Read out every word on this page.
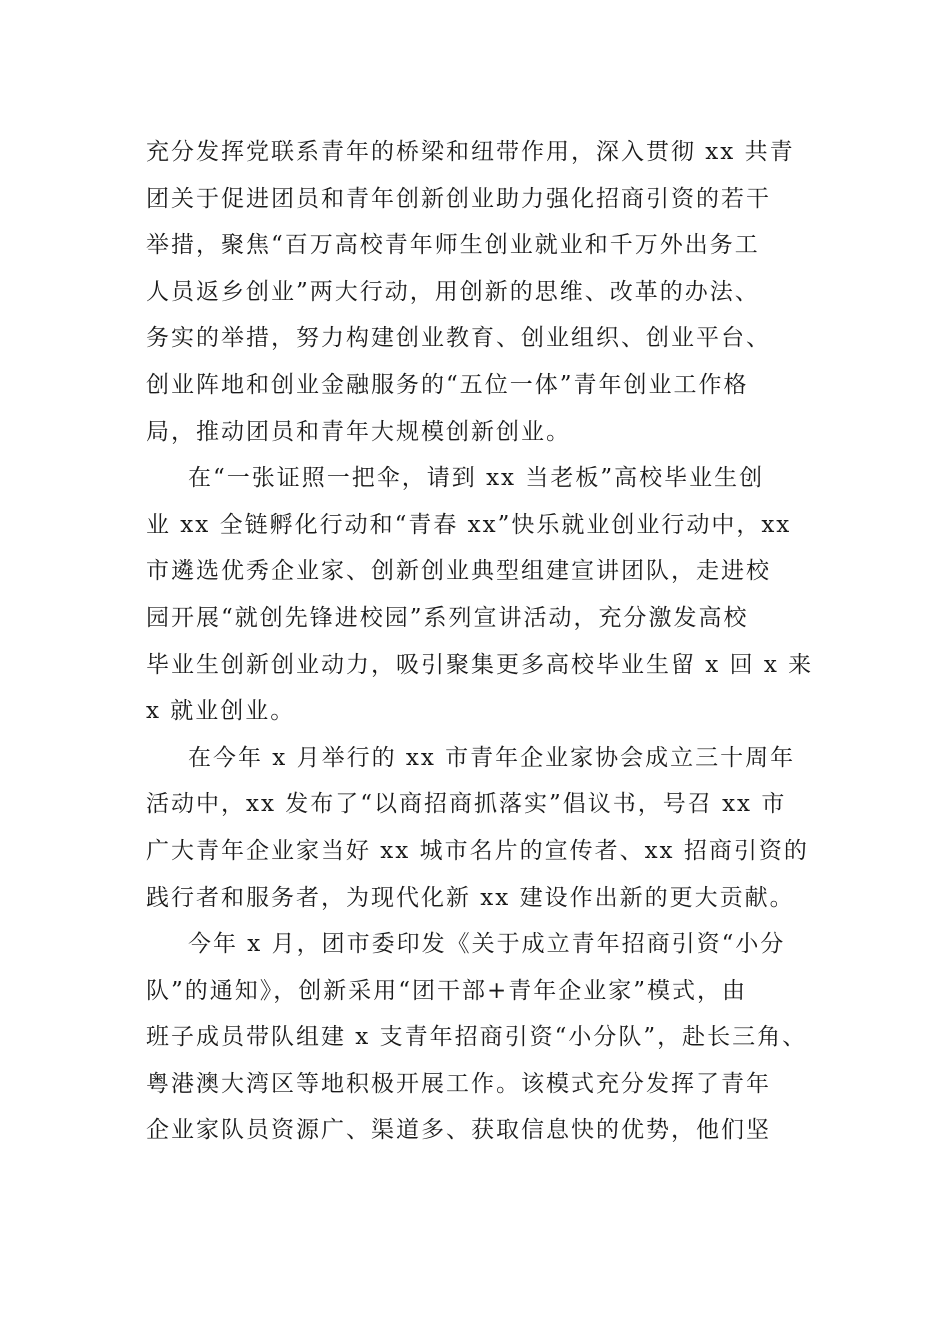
充分发挥党联系青年的桥梁和纽带作用，深入贯彻 xx 共青
团关于促进团员和青年创新创业助力强化招商引资的若干
举措，聚焦“百万高校青年师生创业就业和千万外出务工
人员返乡创业”两大行动，用创新的思维、改革的办法、
务实的举措，努力构建创业教育、创业组织、创业平台、
创业阵地和创业金融服务的“五位一体”青年创业工作格
局，推动团员和青年大规模创新创业。
在“一张证照一把伞，请到 xx 当老板”高校毕业生创
业 xx 全链孵化行动和“青春 xx”快乐就业创业行动中，xx
市遴选优秀企业家、创新创业典型组建宣讲团队，走进校
园开展“就创先锋进校园”系列宣讲活动，充分激发高校
毕业生创新创业动力，吸引聚集更多高校毕业生留 x 回 x 来
x 就业创业。
在今年 x 月举行的 xx 市青年企业家协会成立三十周年
活动中，xx 发布了“以商招商抓落实”倡议书，号召 xx 市
广大青年企业家当好 xx 城市名片的宣传者、xx 招商引资的
践行者和服务者，为现代化新 xx 建设作出新的更大贡献。
今年 x 月，团市委印发《关于成立青年招商引资“小分
队”的通知》，创新采用“团干部+青年企业家”模式，由
班子成员带队组建 x 支青年招商引资“小分队”，赴长三角、
粤港澳大湾区等地积极开展工作。该模式充分发挥了青年
企业家队员资源广、渠道多、获取信息快的优势，他们坚
